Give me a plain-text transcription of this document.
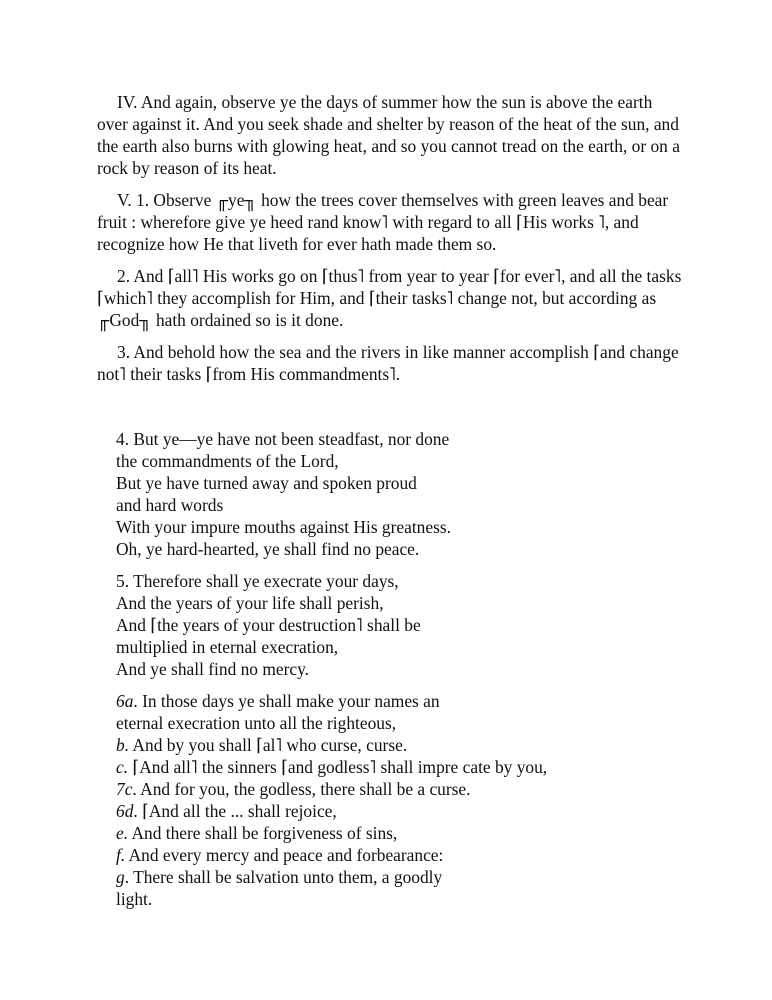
IV. And again, observe ye the days of summer how the sun is above the earth over against it. And you seek shade and shelter by reason of the heat of the sun, and the earth also burns with glowing heat, and so you cannot tread on the earth, or on a rock by reason of its heat.

V. 1. Observe ╓ye╖ how the trees cover themselves with green leaves and bear fruit : wherefore give ye heed rand know˥ with regard to all ⌈His works ˥, and recognize how He that liveth for ever hath made them so.

2. And ⌈all˥ His works go on ⌈thus˥ from year to year ⌈for ever˥, and all the tasks ⌈which˥ they accomplish for Him, and ⌈their tasks˥ change not, but according as ╓God╖ hath ordained so is it done.

3. And behold how the sea and the rivers in like manner accomplish ⌈and change not˥ their tasks ⌈from His commandments˥.

4. But ye—ye have not been steadfast, nor done
the commandments of the Lord,
But ye have turned away and spoken proud
and hard words
With your impure mouths against His greatness.
Oh, ye hard-hearted, ye shall find no peace.
5. Therefore shall ye execrate your days,
And the years of your life shall perish,
And ⌈the years of your destruction˥ shall be
multiplied in eternal execration,
And ye shall find no mercy.
6a. In those days ye shall make your names an
eternal execration unto all the righteous,
b. And by you shall ⌈al˥ who curse, curse.
c. ⌈And all˥ the sinners ⌈and godless˥ shall impre cate by you,
7c. And for you, the godless, there shall be a curse.
6d. ⌈And all the ... shall rejoice,
e. And there shall be forgiveness of sins,
f. And every mercy and peace and forbearance:
g. There shall be salvation unto them, a goodly
light.
